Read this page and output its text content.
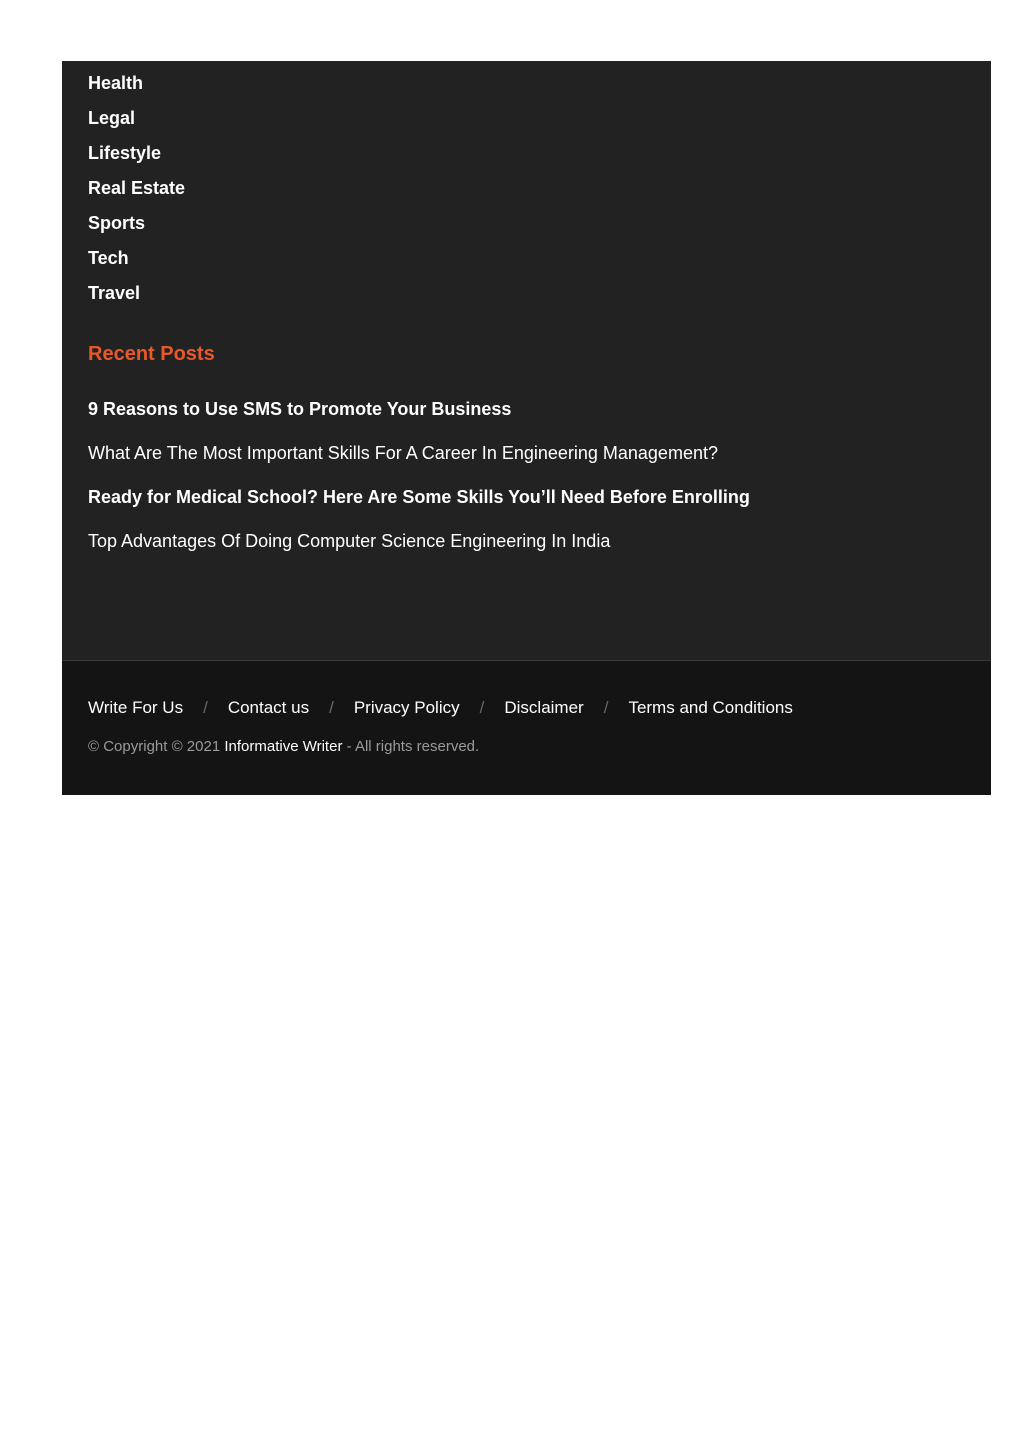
Health
Legal
Lifestyle
Real Estate
Sports
Tech
Travel
Recent Posts
9 Reasons to Use SMS to Promote Your Business
What Are The Most Important Skills For A Career In Engineering Management?
Ready for Medical School? Here Are Some Skills You’ll Need Before Enrolling
Top Advantages Of Doing Computer Science Engineering In India
Write For Us / Contact us / Privacy Policy / Disclaimer / Terms and Conditions
© Copyright © 2021 Informative Writer - All rights reserved.
